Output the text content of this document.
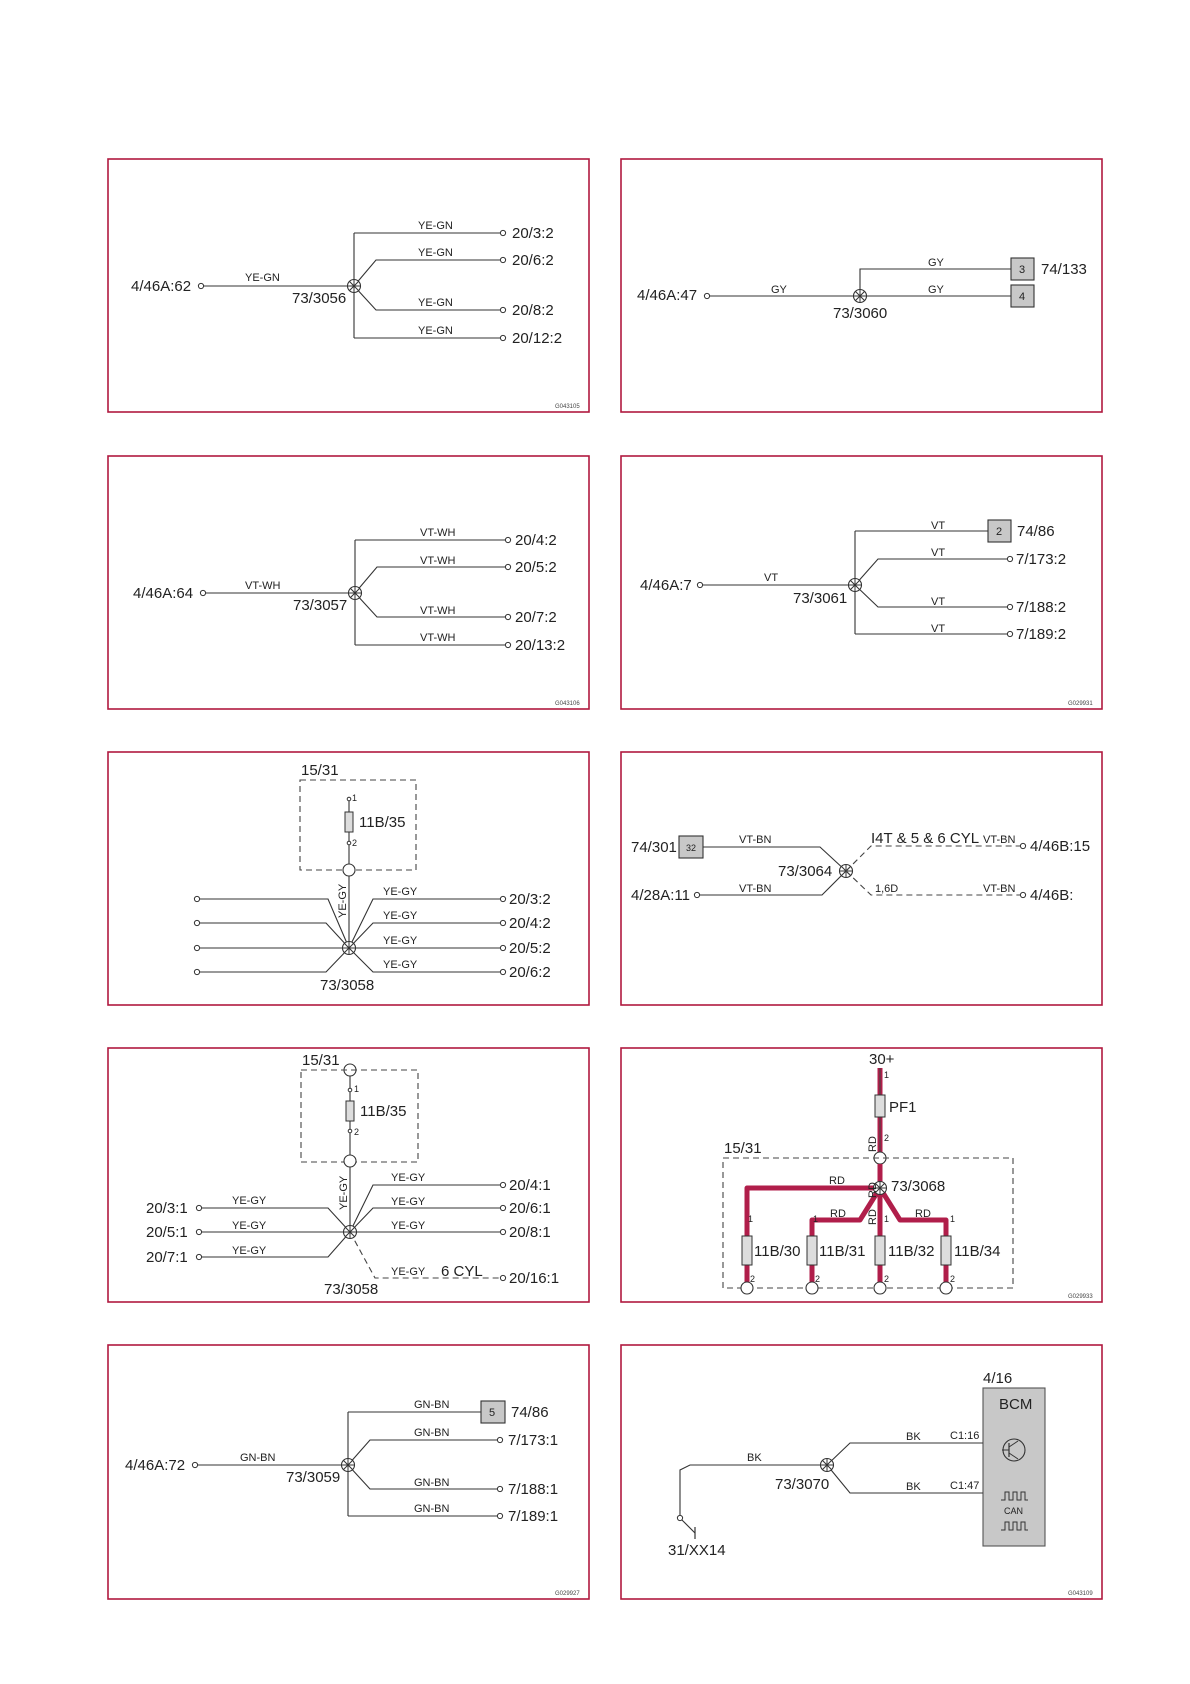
4/46A:62	YE-GN
73/3056
YE-GN
YE-GN
YE-GN
YE-GN
20/3:2
20/6:2
20/8:2
20/12:2
G043105
4/46A:47	GY
73/3060
GY
GY
3
4
74/133
4/46A:64	VT-WH
73/3057
VT-WH
VT-WH
VT-WH
VT-WH
20/4:2
20/5:2
20/7:2
20/13:2
G043106
4/46A:7	VT
73/3061
VT
VT
VT
VT
2 74/86
7/173:2
7/188:2
7/189:2
G029931
15/31
1
2
11B/35
YE-GY
73/3058
YE-GY
YE-GY
YE-GY
YE-GY
20/3:2
20/4:2
20/5:2
20/6:2
74/301 32
VT-BN
4/28A:11	VT-BN
73/3064
I4T & 5 & 6 CYL VT-BN
1,6D	VT-BN
4/46B:15
4/46B:
15/31
1
2
11B/35
YE-GY
20/3:1
20/5:1
20/7:1
YE-GY
YE-GY
YE-GY
73/3058
YE-GY
YE-GY
YE-GY
YE-GY 6 CYL
20/4:1
20/6:1
20/8:1
20/16:1
30+
1
2
PF1
RD
15/31
73/3068
RD
RD RD
RD
RD
1	1	1	1
11B/30 11B/31 11B/32 11B/34
2	2	2	2
G029933
4/46A:72	GN-BN
73/3059
GN-BN
GN-BN
GN-BN
GN-BN
5 74/86
7/173:1
7/188:1
7/189:1
G029927
4/16
BCM
CAN
C1:16
C1:47
BK
BK
BK
73/3070
31/XX14
G043109
